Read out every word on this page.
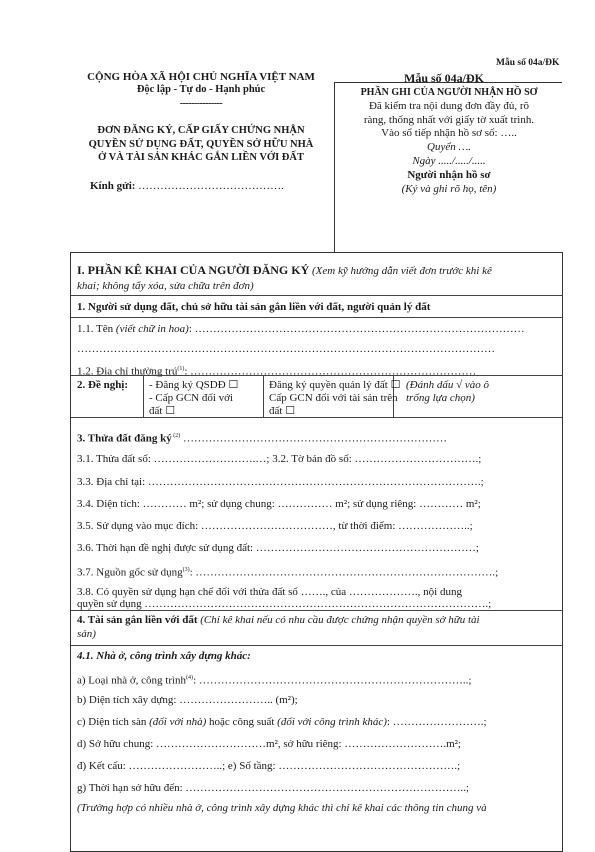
Mẫu số 04a/ĐK
CỘNG HÒA XÃ HỘI CHỦ NGHĨA VIỆT NAM
Độc lập - Tự do - Hạnh phúc
---------------
ĐƠN ĐĂNG KÝ, CẤP GIẤY CHỨNG NHẬN
QUYỀN SỬ DỤNG ĐẤT, QUYỀN SỞ HỮU NHÀ
Ở VÀ TÀI SẢN KHÁC GẮN LIỀN VỚI ĐẤT
Kính gửi: ………………………………….
Mẫu số 04a/ĐK
PHẦN GHI CỦA NGƯỜI NHẬN HỒ SƠ
Đã kiểm tra nội dung đơn đầy đủ, rõ
ràng, thống nhất với giấy tờ xuất trình.
Vào sổ tiếp nhận hồ sơ số: …..
Quyển ….
Ngày ...../...../.....
Người nhận hồ sơ
(Ký và ghi rõ họ, tên)
I. PHẦN KÊ KHAI CỦA NGƯỜI ĐĂNG KÝ (Xem kỹ hướng dẫn viết đơn trước khi kê
khai; không tẩy xóa, sửa chữa trên đơn)
1. Người sử dụng đất, chủ sở hữu tài sản gắn liền với đất, người quản lý đất
1.1. Tên (viết chữ in hoa): ………………………………………………………………………………
……………………………………………………………………………………………………
1.2. Địa chỉ thường trú$^{(1)}$: ……………………………………………………………………
2. Đề nghị: - Đăng ký QSDĐ ☐
- Cấp GCN đối với
đất ☐
Đăng ký quyền quản lý đất ☐
Cấp GCN đối với tài sản trên
đất ☐
(Đánh dấu √ vào ô
trống lựa chọn)
3. Thửa đất đăng ký $^{(2)}$ ………………………………………………………………
3.1. Thửa đất số: ……………………….…; 3.2. Tờ bản đồ số: …………………………….;
3.3. Địa chỉ tại: ……………………………………………………………………………….;
3.4. Diện tích: ………… m²; sử dụng chung: …………… m²; sử dụng riêng: ………… m²;
3.5. Sử dụng vào mục đích: ………………………………, từ thời điểm: ………………..;
3.6. Thời hạn đề nghị được sử dụng đất: ……………………………………………………;
3.7. Nguồn gốc sử dụng$^{(3)}$: ……………………………………………………………………….;
3.8. Có quyền sử dụng hạn chế đối với thửa đất số ……., của ………………., nội dung
quyền sử dụng ………………………………………………………………………………….;
4. Tài sản gắn liền với đất (Chỉ kê khai nếu có nhu cầu được chứng nhận quyền sở hữu tài
sản)
4.1. Nhà ở, công trình xây dựng khác:
a) Loại nhà ở, công trình$^{(4)}$: ………………………………………………………………..;
b) Diện tích xây dựng: …………………….. (m²);
c) Diện tích sàn (đối với nhà) hoặc công suất (đối với công trình khác): …………………….;
d) Sở hữu chung: …………………………m², sở hữu riêng: ……………………….m²;
đ) Kết cấu: ……………………..; e) Số tầng: ………………………………………….;
g) Thời hạn sở hữu đến: …………………………………………………………………..;
(Trường hợp có nhiều nhà ở, công trình xây dựng khác thì chỉ kê khai các thông tin chung và
